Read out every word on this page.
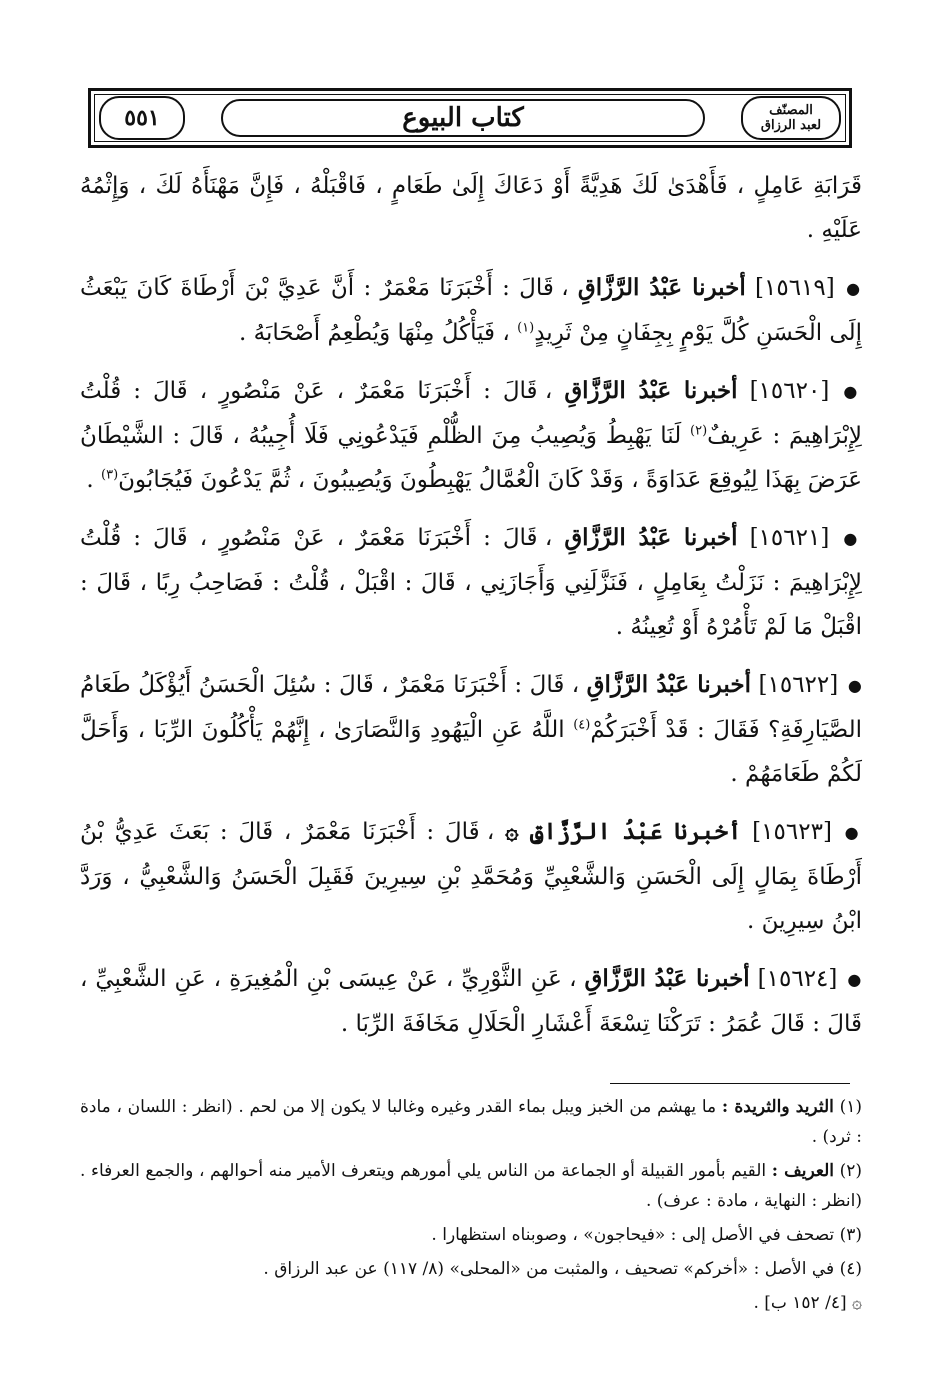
٥٥١	كتاب البيوع	المصنّف
لعبد الرزاق

قَرَابَةِ عَامِلٍ ، فَأَهْدَىٰ لَكَ هَدِيَّةً أَوْ دَعَاكَ إِلَىٰ طَعَامٍ ، فَاقْبَلْهُ ، فَإِنَّ مَهْنَأَهُ لَكَ ، وَإِثْمُهُ عَلَيْهِ .

● [١٥٦١٩] أخبرنا عَبْدُ الرَّزَّاقِ ، قَالَ : أَخْبَرَنَا مَعْمَرٌ : أَنَّ عَدِيَّ بْنَ أَرْطَاةَ كَانَ يَبْعَثُ إِلَى الْحَسَنِ كُلَّ يَوْمٍ بِجِفَانٍ مِنْ ثَرِيدٍ$^{(١)}$ ، فَيَأْكُلُ مِنْهَا وَيُطْعِمُ أَصْحَابَهُ .

● [١٥٦٢٠] أخبرنا عَبْدُ الرَّزَّاقِ ، قَالَ : أَخْبَرَنَا مَعْمَرٌ ، عَنْ مَنْصُورٍ ، قَالَ : قُلْتُ لِإِبْرَاهِيمَ : عَرِيفٌ$^{(٢)}$ لَنَا يَهْبِطُ وَيُصِيبُ مِنَ الظُّلْمِ فَيَدْعُونِي فَلَا أُجِيبُهُ ، قَالَ : الشَّيْطَانُ عَرَضَ بِهَذَا لِيُوقِعَ عَدَاوَةً ، وَقَدْ كَانَ الْعُمَّالُ يَهْبِطُونَ وَيُصِيبُونَ ، ثُمَّ يَدْعُونَ فَيُجَابُونَ$^{(٣)}$ .

● [١٥٦٢١] أخبرنا عَبْدُ الرَّزَّاقِ ، قَالَ : أَخْبَرَنَا مَعْمَرٌ ، عَنْ مَنْصُورٍ ، قَالَ : قُلْتُ لِإِبْرَاهِيمَ : نَزَلْتُ بِعَامِلٍ ، فَنَزَّلَنِي وَأَجَازَنِي ، قَالَ : اقْبَلْ ، قُلْتُ : فَصَاحِبُ رِبًا ، قَالَ : اقْبَلْ مَا لَمْ تَأْمُرْهُ أَوْ تُعِينُهُ .

● [١٥٦٢٢] أخبرنا عَبْدُ الرَّزَّاقِ ، قَالَ : أَخْبَرَنَا مَعْمَرٌ ، قَالَ : سُئِلَ الْحَسَنُ أَيُؤْكَلُ طَعَامُ الصَّيَارِفَةِ؟ فَقَالَ : قَدْ أَخْبَرَكُمْ$^{(٤)}$ اللَّهُ عَنِ الْيَهُودِ وَالنَّصَارَىٰ ، إِنَّهُمْ يَأْكُلُونَ الرِّبَا ، وَأَحَلَّ لَكُمْ طَعَامَهُمْ .

● [١٥٦٢٣] أخبرنا عَبْدُ الرَّزَّاقِ ۞ ، قَالَ : أَخْبَرَنَا مَعْمَرٌ ، قَالَ : بَعَثَ عَدِيُّ بْنُ أَرْطَاةَ بِمَالٍ إِلَى الْحَسَنِ وَالشَّعْبِيِّ وَمُحَمَّدِ بْنِ سِيرِينَ فَقَبِلَ الْحَسَنُ وَالشَّعْبِيُّ ، وَرَدَّ ابْنُ سِيرِينَ .

● [١٥٦٢٤] أخبرنا عَبْدُ الرَّزَّاقِ ، عَنِ الثَّوْرِيِّ ، عَنْ عِيسَى بْنِ الْمُغِيرَةِ ، عَنِ الشَّعْبِيِّ ، قَالَ : قَالَ عُمَرُ : تَرَكْنَا تِسْعَةَ أَعْشَارِ الْحَلَالِ مَخَافَةَ الرِّبَا .

(١) الثريد والثريدة : ما يهشم من الخبز ويبل بماء القدر وغيره وغالبا لا يكون إلا من لحم . (انظر : اللسان ، مادة : ثرد) .

(٢) العريف : القيم بأمور القبيلة أو الجماعة من الناس يلي أمورهم ويتعرف الأمير منه أحوالهم ، والجمع العرفاء . (انظر : النهاية ، مادة : عرف) .

(٣) تصحف في الأصل إلى : «فيحاجون» ، وصوبناه استظهارا .

(٤) في الأصل : «أخركم» تصحيف ، والمثبت من «المحلى» (٨/ ١١٧) عن عبد الرزاق .

۞ [٤/ ١٥٢ ب] .
